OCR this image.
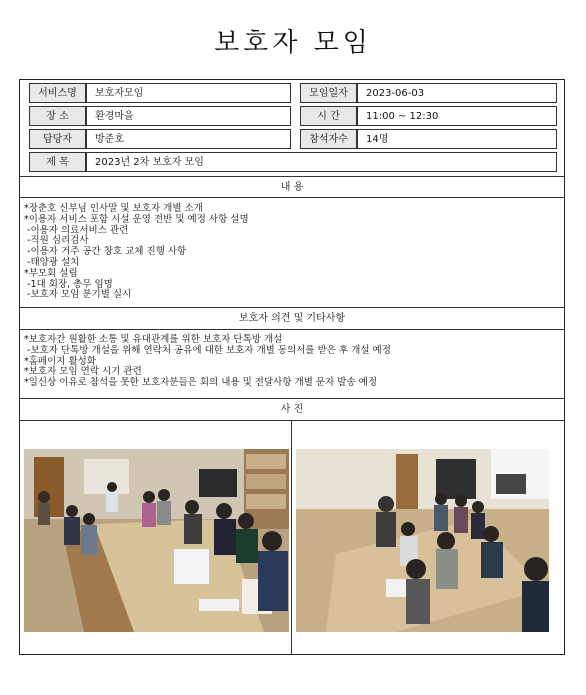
보호자 모임
서비스명	보호자모임	모임일자	2023-06-03
장 소	환경마을	시 간	11:00 ~ 12:30
담당자	방준호	참석자수	14명
제 목	2023년 2차 보호자 모임
내 용
*장춘호 신부님 인사말 및 보호자 개별 소개
*이용자 서비스 포함 시설 운영 전반 및 예정 사항 설명
-이용자 의료서비스 관련
-직원 심리검사
-이용자 거주 공간 창호 교체 진행 사항
-태양광 설치
*부모회 설립
-1대 회장, 총무 임명
-보호자 모임 분기별 실시
보호자 의견 및 기타사항
*보호자간 원활한 소통 및 유대관계를 위한 보호자 단톡방 개설
-보호자 단톡방 개설을 위해 연락처 공유에 대한 보호자 개별 동의서를 받은 후 개설 예정
*홈페이지 활성화
*보호자 모임 연락 시기 관련
*일신상 이유로 참석을 못한 보호자분들은 회의 내용 및 전달사항 개별 문자 발송 예정
사 진
